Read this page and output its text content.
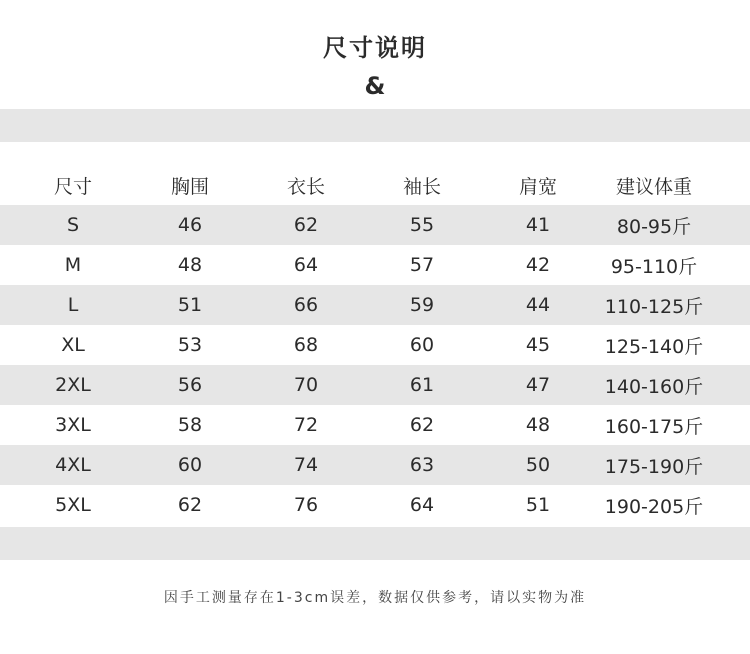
尺寸说明
&
尺寸	胸围	衣长	袖长	肩宽	建议体重
S	46	62	55	41	80-95斤
M	48	64	57	42	95-110斤
L	51	66	59	44	110-125斤
XL	53	68	60	45	125-140斤
2XL	56	70	61	47	140-160斤
3XL	58	72	62	48	160-175斤
4XL	60	74	63	50	175-190斤
5XL	62	76	64	51	190-205斤
因手工测量存在1-3cm误差，数据仅供参考，请以实物为准
